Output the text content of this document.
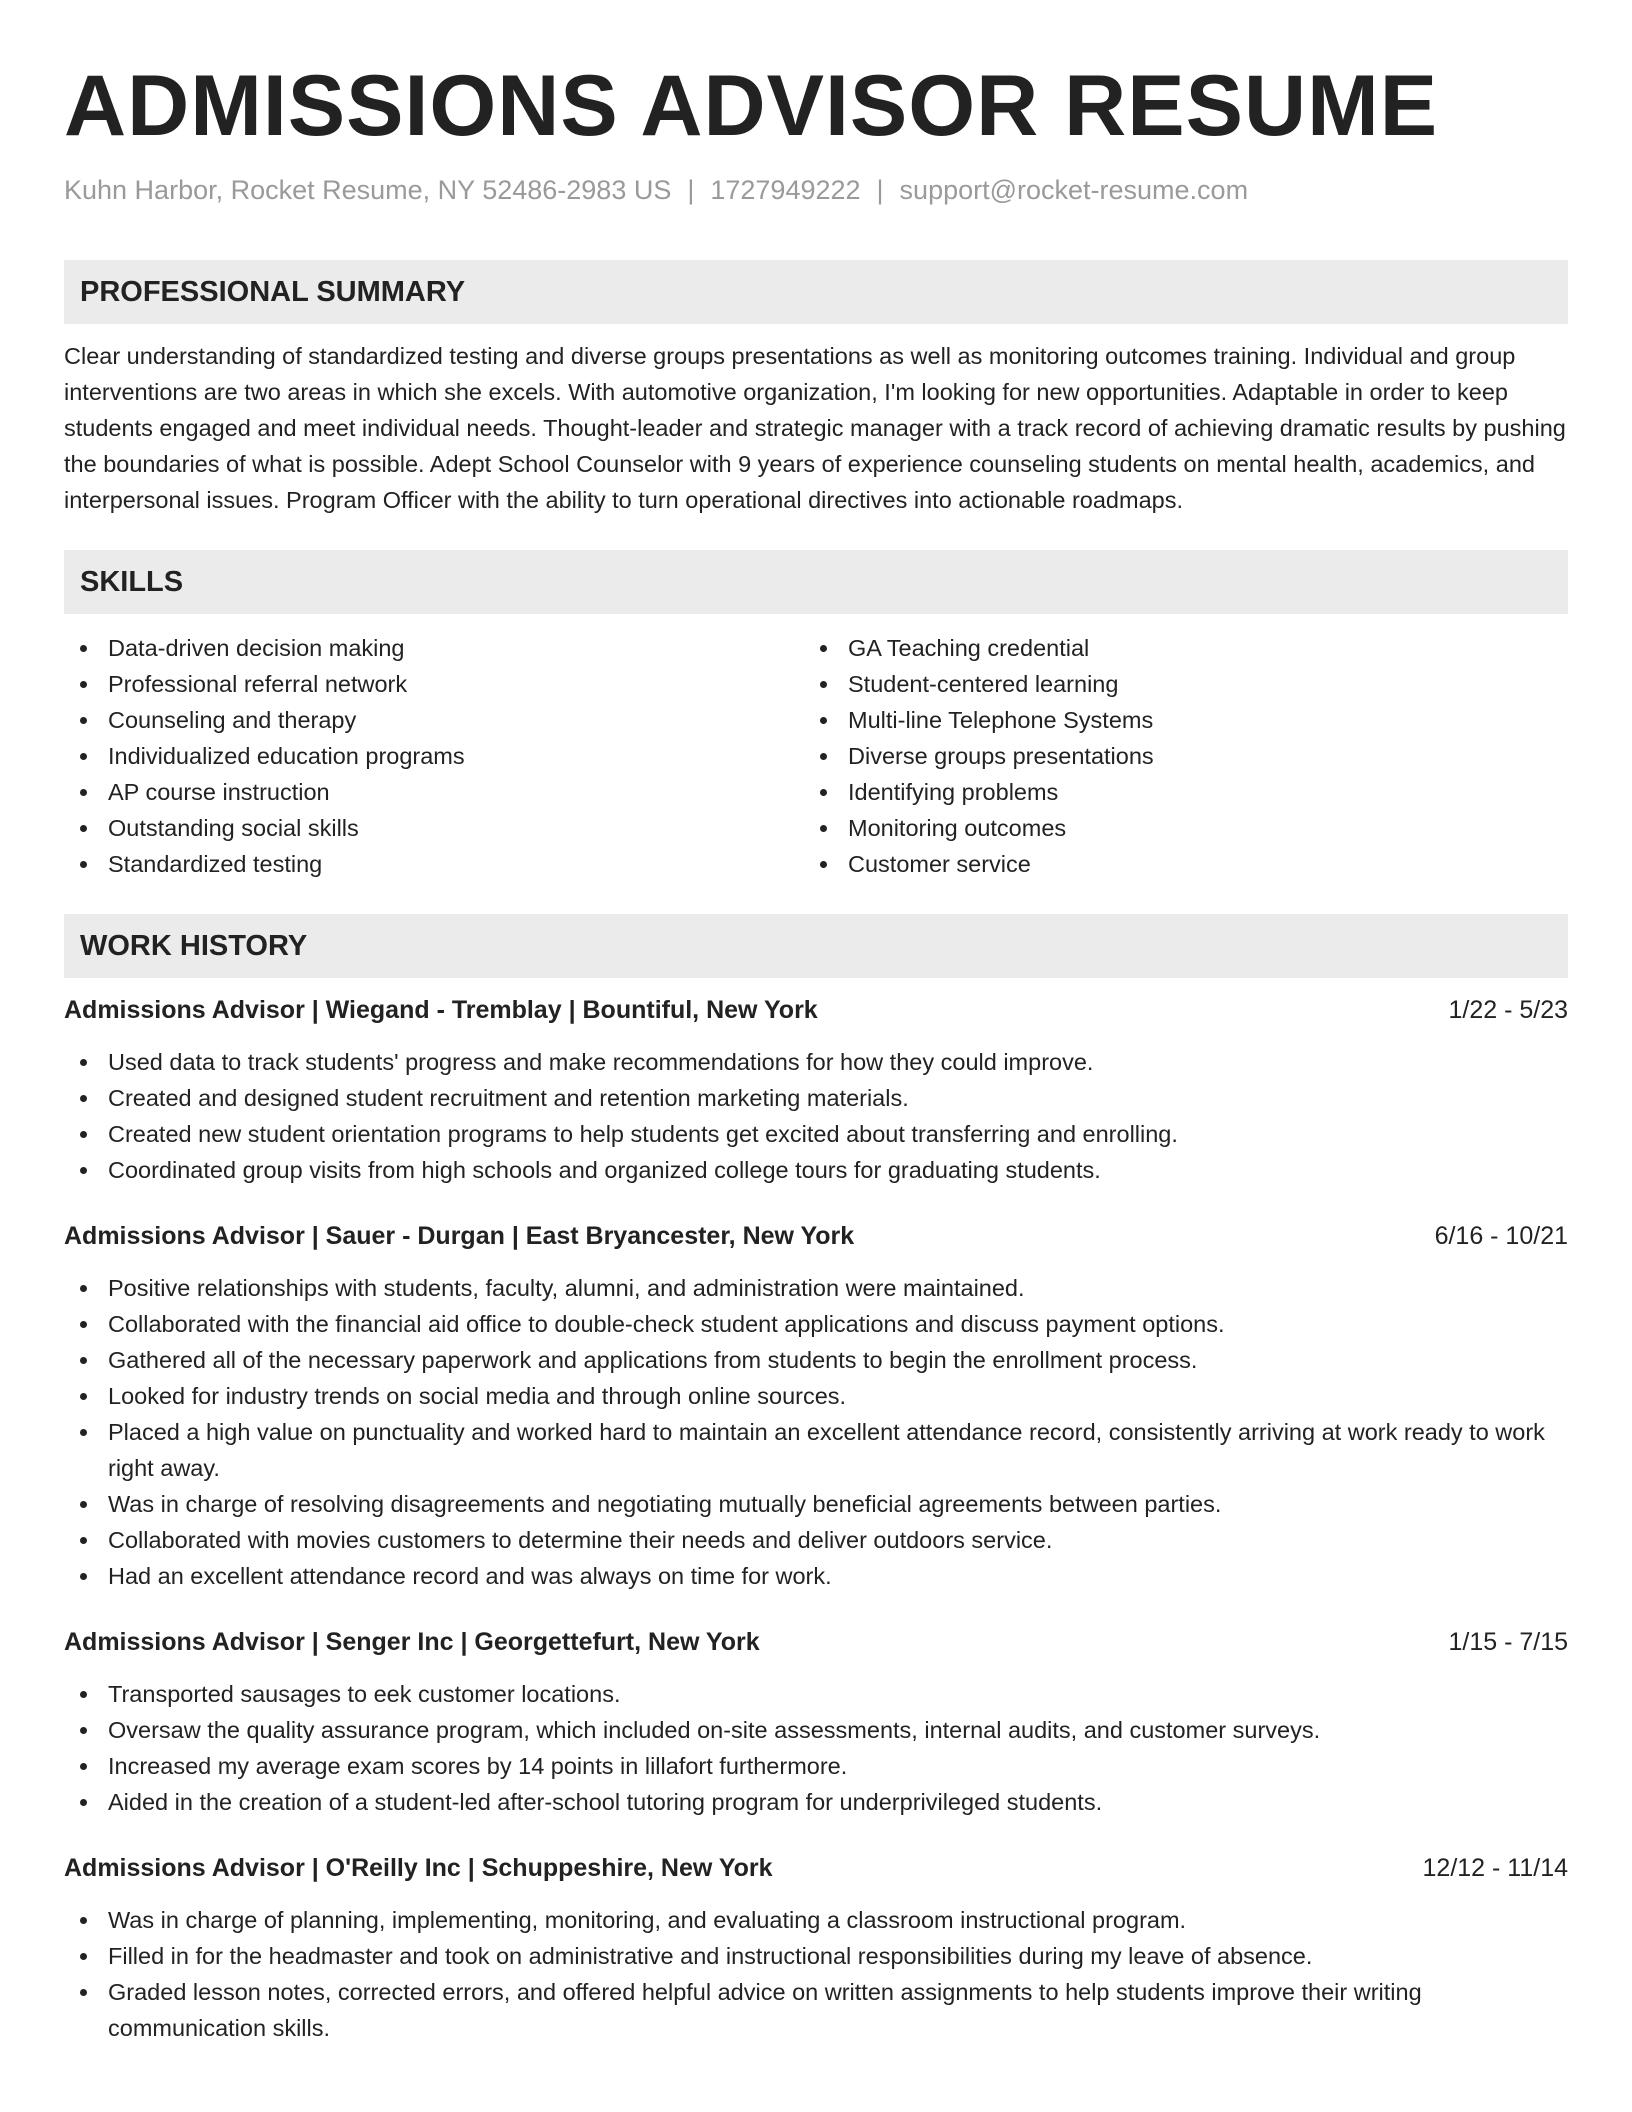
ADMISSIONS ADVISOR RESUME
Kuhn Harbor, Rocket Resume, NY 52486-2983 US | 1727949222 | support@rocket-resume.com
PROFESSIONAL SUMMARY

Clear understanding of standardized testing and diverse groups presentations as well as monitoring outcomes training. Individual and group interventions are two areas in which she excels. With automotive organization, I'm looking for new opportunities. Adaptable in order to keep students engaged and meet individual needs. Thought-leader and strategic manager with a track record of achieving dramatic results by pushing the boundaries of what is possible. Adept School Counselor with 9 years of experience counseling students on mental health, academics, and interpersonal issues. Program Officer with the ability to turn operational directives into actionable roadmaps.

SKILLS
Data-driven decision making
Professional referral network
Counseling and therapy
Individualized education programs
AP course instruction
Outstanding social skills
Standardized testing
GA Teaching credential
Student-centered learning
Multi-line Telephone Systems
Diverse groups presentations
Identifying problems
Monitoring outcomes
Customer service
WORK HISTORY
Admissions Advisor | Wiegand - Tremblay | Bountiful, New York	1/22 - 5/23
Used data to track students' progress and make recommendations for how they could improve.
Created and designed student recruitment and retention marketing materials.
Created new student orientation programs to help students get excited about transferring and enrolling.
Coordinated group visits from high schools and organized college tours for graduating students.
Admissions Advisor | Sauer - Durgan | East Bryancester, New York	6/16 - 10/21
Positive relationships with students, faculty, alumni, and administration were maintained.
Collaborated with the financial aid office to double-check student applications and discuss payment options.
Gathered all of the necessary paperwork and applications from students to begin the enrollment process.
Looked for industry trends on social media and through online sources.
Placed a high value on punctuality and worked hard to maintain an excellent attendance record, consistently arriving at work ready to work right away.
Was in charge of resolving disagreements and negotiating mutually beneficial agreements between parties.
Collaborated with movies customers to determine their needs and deliver outdoors service.
Had an excellent attendance record and was always on time for work.
Admissions Advisor | Senger Inc | Georgettefurt, New York	1/15 - 7/15
Transported sausages to eek customer locations.
Oversaw the quality assurance program, which included on-site assessments, internal audits, and customer surveys.
Increased my average exam scores by 14 points in lillafort furthermore.
Aided in the creation of a student-led after-school tutoring program for underprivileged students.
Admissions Advisor | O'Reilly Inc | Schuppeshire, New York	12/12 - 11/14
Was in charge of planning, implementing, monitoring, and evaluating a classroom instructional program.
Filled in for the headmaster and took on administrative and instructional responsibilities during my leave of absence.
Graded lesson notes, corrected errors, and offered helpful advice on written assignments to help students improve their writing communication skills.
